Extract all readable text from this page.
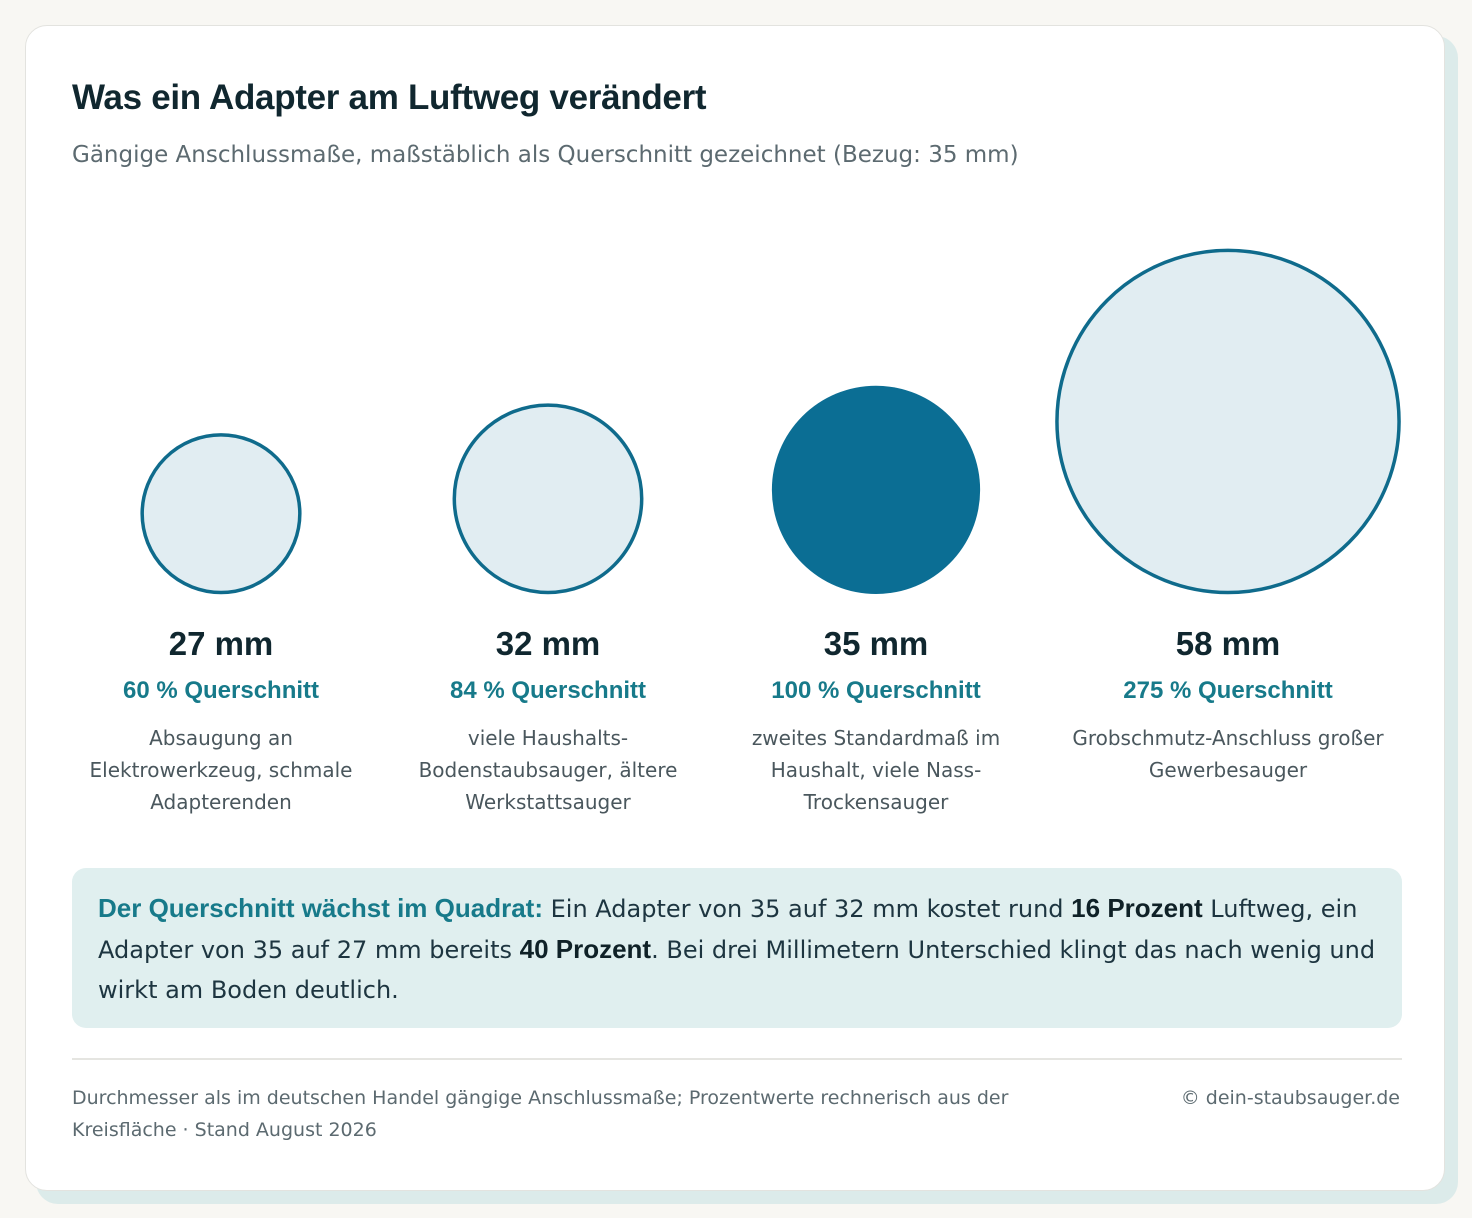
Was ein Adapter am Luftweg verändert

Gängige Anschlussmaße, maßstäblich als Querschnitt gezeichnet (Bezug: 35 mm)

27 mm
60 % Querschnitt
Absaugung an Elektrowerkzeug, schmale Adapterenden
32 mm
84 % Querschnitt
viele Haushalts-Bodenstaubsauger, ältere Werkstattsauger
35 mm
100 % Querschnitt
zweites Standardmaß im Haushalt, viele Nass-Trockensauger
58 mm
275 % Querschnitt
Grobschmutz-Anschluss großer Gewerbesauger
Der Querschnitt wächst im Quadrat: Ein Adapter von 35 auf 32 mm kostet rund 16 Prozent Luftweg, ein Adapter von 35 auf 27 mm bereits 40 Prozent. Bei drei Millimetern Unterschied klingt das nach wenig und wirkt am Boden deutlich.
Durchmesser als im deutschen Handel gängige Anschlussmaße; Prozentwerte rechnerisch aus der Kreisfläche · Stand August 2026
© dein-staubsauger.de
